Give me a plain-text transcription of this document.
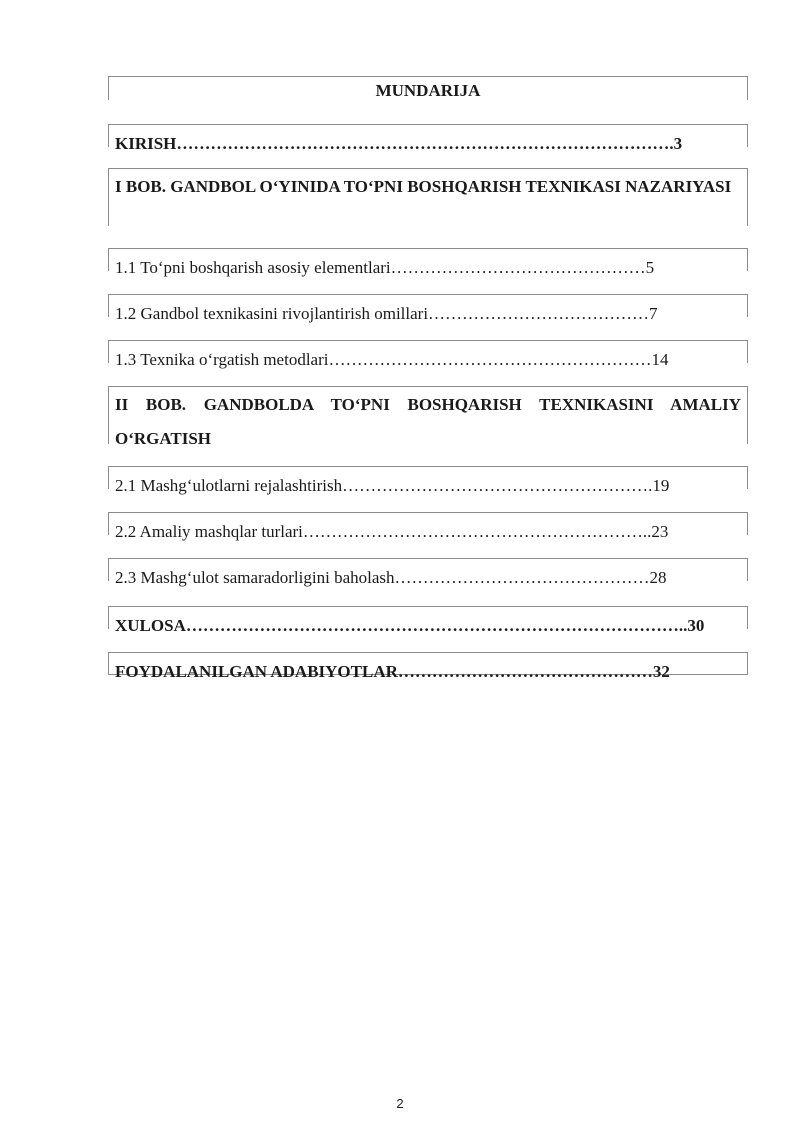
MUNDARIJA
KIRISH…………………………………………………………………………….3
I BOB. GANDBOL O‘YINIDA TO‘PNI BOSHQARISH TEXNIKASI NAZARIYASI
1.1 To‘pni boshqarish asosiy elementlari………………………………………5
1.2 Gandbol texnikasini rivojlantirish omillari…………………………………7
1.3 Texnika o‘rgatish metodlari…………………………………………………14
II BOB. GANDBOLDA TO‘PNI BOSHQARISH TEXNIKASINI AMALIY O‘RGATISH
2.1 Mashg‘ulotlarni rejalashtirish……………………………………………….19
2.2 Amaliy mashqlar turlari……………………………………………………..23
2.3 Mashg‘ulot samaradorligini baholash………………………………………28
XULOSA……………………………………………………………………………..30
FOYDALANILGAN ADABIYOTLAR………………………………………32
2
